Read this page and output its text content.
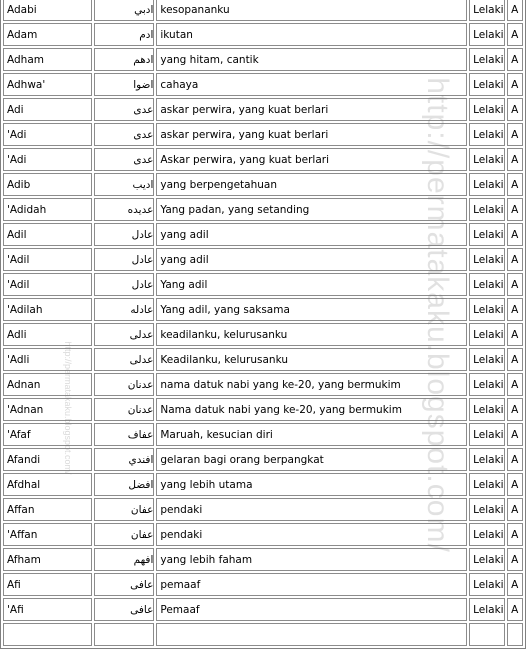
Adabi	ادبي	kesopananku	Lelaki	A
Adam	ادم	ikutan	Lelaki	A
Adham	ادهم	yang hitam, cantik	Lelaki	A
Adhwa'	اضوا	cahaya	Lelaki	A
Adi	عدى	askar perwira, yang kuat berlari	Lelaki	A
'Adi	عدى	askar perwira, yang kuat berlari	Lelaki	A
'Adi	عدى	Askar perwira, yang kuat berlari	Lelaki	A
Adib	اديب	yang berpengetahuan	Lelaki	A
'Adidah	عديده	Yang padan, yang setanding	Lelaki	A
Adil	عادل	yang adil	Lelaki	A
'Adil	عادل	yang adil	Lelaki	A
'Adil	عادل	Yang adil	Lelaki	A
'Adilah	عادله	Yang adil, yang saksama	Lelaki	A
Adli	عدلى	keadilanku, kelurusanku	Lelaki	A
'Adli	عدلى	Keadilanku, kelurusanku	Lelaki	A
Adnan	عدنان	nama datuk nabi yang ke-20, yang bermukim	Lelaki	A
'Adnan	عدنان	Nama datuk nabi yang ke-20, yang bermukim	Lelaki	A
'Afaf	عفاف	Maruah, kesucian diri	Lelaki	A
Afandi	افندي	gelaran bagi orang berpangkat	Lelaki	A
Afdhal	افضل	yang lebih utama	Lelaki	A
Affan	عفان	pendaki	Lelaki	A
'Affan	عفان	pendaki	Lelaki	A
Afham	افهم	yang lebih faham	Lelaki	A
Afi	عافى	pemaaf	Lelaki	A
'Afi	عافى	Pemaaf	Lelaki	A

http://permatakaku.blogspot.com/
http://permatakaku.blogspot.com/
